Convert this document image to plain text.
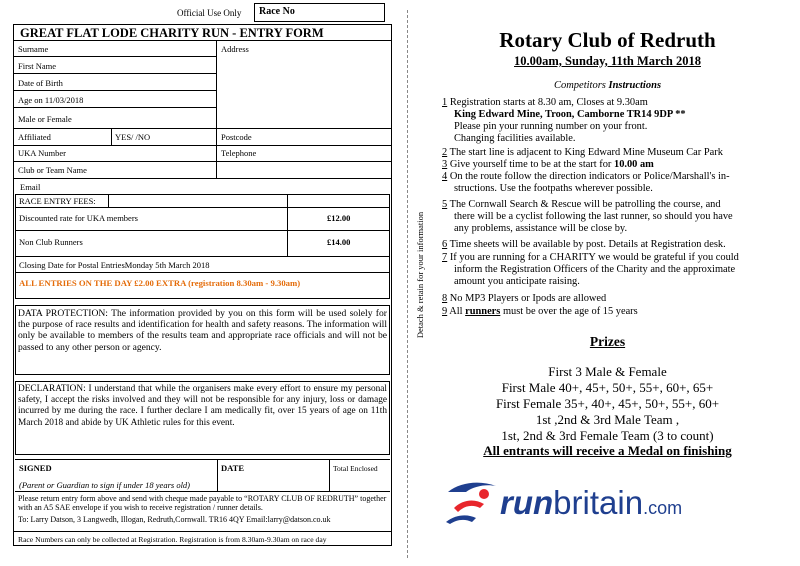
Official Use Only Race No
GREAT FLAT LODE CHARITY RUN - ENTRY FORM
Surname	Address
First Name
Date of Birth
Age on 11/03/2018
Male or Female
Affiliated	YES/ /NO	Postcode
UKA Number	Telephone
Club or Team Name
Email
RACE ENTRY FEES:
Discounted rate for UKA members	£12.00
Non Club Runners	£14.00
Closing Date for Postal EntriesMonday 5th March 2018
ALL ENTRIES ON THE DAY £2.00 EXTRA (registration 8.30am - 9.30am)
DATA PROTECTION: The information provided by you on this form will be used solely for the purpose of race results and identification for health and safety reasons. The information will only be available to members of the results team and appropriate race officials and will not be passed to any other person or agency.
DECLARATION: I understand that while the organisers make every effort to ensure my personal safety, I accept the risks involved and they will not be responsible for any injury, loss or damage incurred by me during the race. I further declare I am medically fit, over 15 years of age on 11th March 2018 and abide by UK Athletic rules for this event.
SIGNED
(Parent or Guardian to sign if under 18 years old)
DATE	Total Enclosed
Please return entry form above and send with cheque made payable to “ROTARY CLUB OF REDRUTH” together with an A5 SAE envelope if you wish to receive registration / runner details.
To: Larry Datson, 3 Langwedh, Illogan, Redruth,Cornwall. TR16 4QY Email:larry@datson.co.uk
Race Numbers can only be collected at Registration. Registration is from 8.30am-9.30am on race day
Detach & retain for your information
Rotary Club of Redruth
10.00am, Sunday, 11th March 2018
Competitors Instructions
1 Registration starts at 8.30 am, Closes at 9.30am
King Edward Mine, Troon, Camborne TR14 9DP **
Please pin your running number on your front.
Changing facilities available.
2 The start line is adjacent to King Edward Mine Museum Car Park
3 Give yourself time to be at the start for 10.00 am
4 On the route follow the direction indicators or Police/Marshall's in-
structions. Use the footpaths wherever possible.
5 The Cornwall Search & Rescue will be patrolling the course, and
there will be a cyclist following the last runner, so should you have
any problems, assistance will be close by.
6 Time sheets will be available by post. Details at Registration desk.
7 If you are running for a CHARITY we would be grateful if you could
inform the Registration Officers of the Charity and the approximate
amount you anticipate raising.
8 No MP3 Players or Ipods are allowed
9 All runners must be over the age of 15 years
Prizes
First 3 Male & Female
First Male 40+, 45+, 50+, 55+, 60+, 65+
First Female 35+, 40+, 45+, 50+, 55+, 60+
1st ,2nd & 3rd Male Team ,
1st, 2nd & 3rd Female Team (3 to count)
All entrants will receive a Medal on finishing
runbritain.com
